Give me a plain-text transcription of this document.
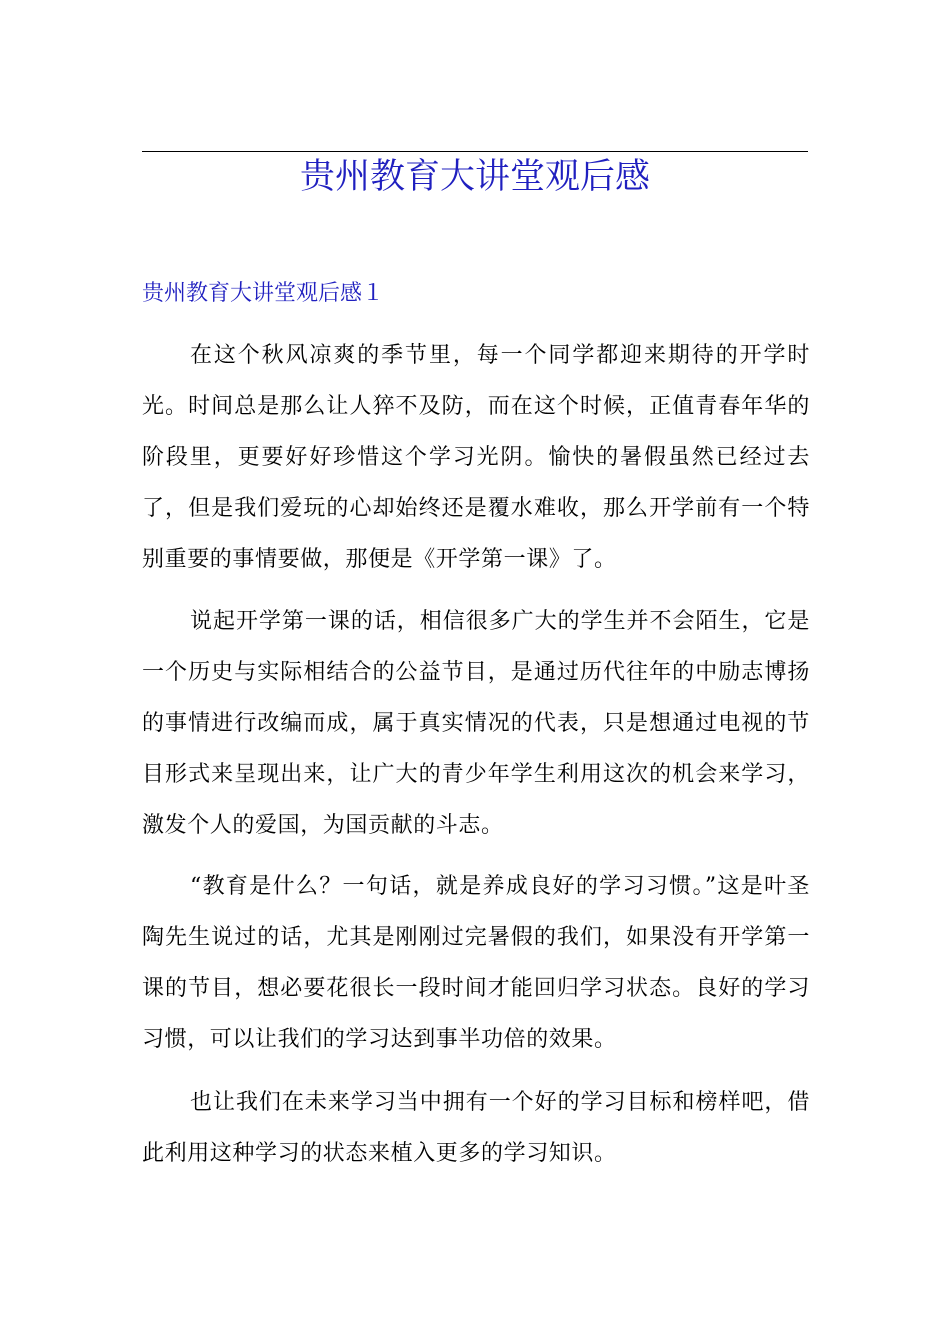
贵州教育大讲堂观后感
贵州教育大讲堂观后感１

在这个秋风凉爽的季节里，每一个同学都迎来期待的开学时光。时间总是那么让人猝不及防，而在这个时候，正值青春年华的阶段里，更要好好珍惜这个学习光阴。愉快的暑假虽然已经过去了，但是我们爱玩的心却始终还是覆水难收，那么开学前有一个特别重要的事情要做，那便是《开学第一课》了。

说起开学第一课的话，相信很多广大的学生并不会陌生，它是一个历史与实际相结合的公益节目，是通过历代往年的中励志博扬的事情进行改编而成，属于真实情况的代表，只是想通过电视的节目形式来呈现出来，让广大的青少年学生利用这次的机会来学习，激发个人的爱国，为国贡献的斗志。

“教育是什么？一句话，就是养成良好的学习习惯。”这是叶圣陶先生说过的话，尤其是刚刚过完暑假的我们，如果没有开学第一课的节目，想必要花很长一段时间才能回归学习状态。良好的学习习惯，可以让我们的学习达到事半功倍的效果。

也让我们在未来学习当中拥有一个好的学习目标和榜样吧，借此利用这种学习的状态来植入更多的学习知识。
